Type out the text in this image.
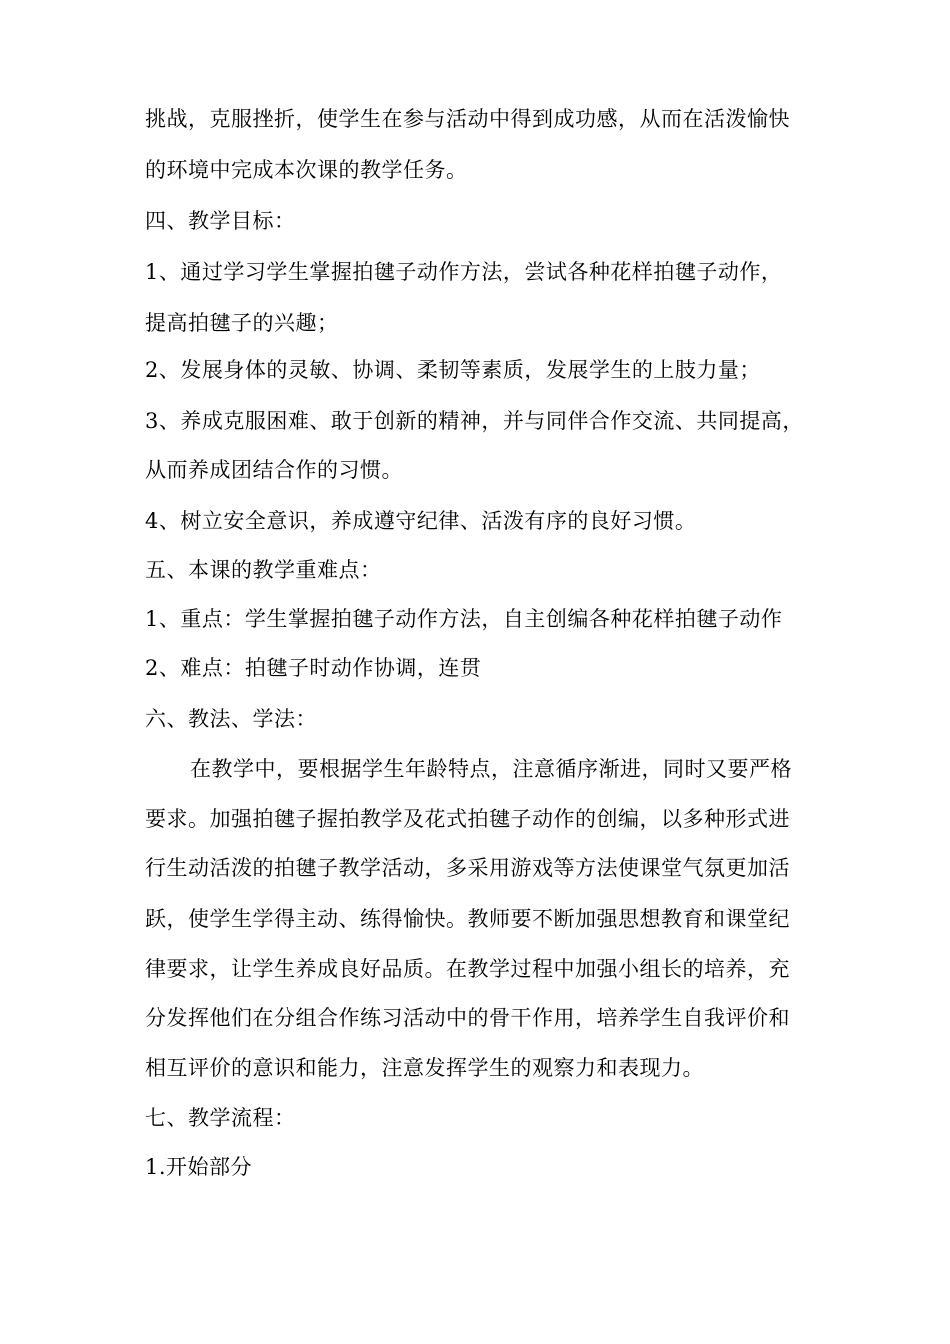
挑战，克服挫折，使学生在参与活动中得到成功感，从而在活泼愉快
的环境中完成本次课的教学任务。
四、教学目标：
1、通过学习学生掌握拍毽子动作方法，尝试各种花样拍毽子动作，
提高拍毽子的兴趣；
2、发展身体的灵敏、协调、柔韧等素质，发展学生的上肢力量；
3、养成克服困难、敢于创新的精神，并与同伴合作交流、共同提高，
从而养成团结合作的习惯。
4、树立安全意识，养成遵守纪律、活泼有序的良好习惯。
五、本课的教学重难点：
1、重点：学生掌握拍毽子动作方法，自主创编各种花样拍毽子动作
2、难点：拍毽子时动作协调，连贯
六、教法、学法：
在教学中，要根据学生年龄特点，注意循序渐进，同时又要严格
要求。加强拍毽子握拍教学及花式拍毽子动作的创编，以多种形式进
行生动活泼的拍毽子教学活动，多采用游戏等方法使课堂气氛更加活
跃，使学生学得主动、练得愉快。教师要不断加强思想教育和课堂纪
律要求，让学生养成良好品质。在教学过程中加强小组长的培养，充
分发挥他们在分组合作练习活动中的骨干作用，培养学生自我评价和
相互评价的意识和能力，注意发挥学生的观察力和表现力。
七、教学流程：
1.开始部分
